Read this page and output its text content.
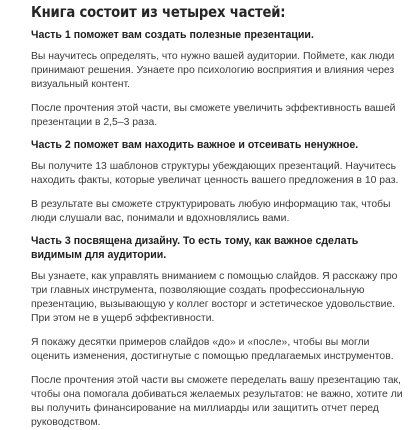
Книга состоит из четырех частей:
Часть 1 поможет вам создать полезные презентации.

Вы научитесь определять, что нужно вашей аудитории. Поймете, как люди принимают решения. Узнаете про психологию восприятия и влияния через визуальный контент.

После прочтения этой части, вы сможете увеличить эффективность вашей презентации в 2,5–3 раза.

Часть 2 поможет вам находить важное и отсеивать ненужное.

Вы получите 13 шаблонов структуры убеждающих презентаций. Научитесь находить факты, которые увеличат ценность вашего предложения в 10 раз.

В результате вы сможете структурировать любую информацию так, чтобы люди слушали вас, понимали и вдохновлялись вами.

Часть 3 посвящена дизайну. То есть тому, как важное сделать видимым для аудитории.

Вы узнаете, как управлять вниманием с помощью слайдов. Я расскажу про три главных инструмента, позволяющие создать профессиональную презентацию, вызывающую у коллег восторг и эстетическое удовольствие. При этом не в ущерб эффективности.

Я покажу десятки примеров слайдов «до» и «после», чтобы вы могли оценить изменения, достигнутые с помощью предлагаемых инструментов.

После прочтения этой части вы сможете переделать вашу презентацию так, чтобы она помогала добиваться желаемых результатов: не важно, хотите ли вы получить финансирование на миллиарды или защитить отчет перед руководством.
